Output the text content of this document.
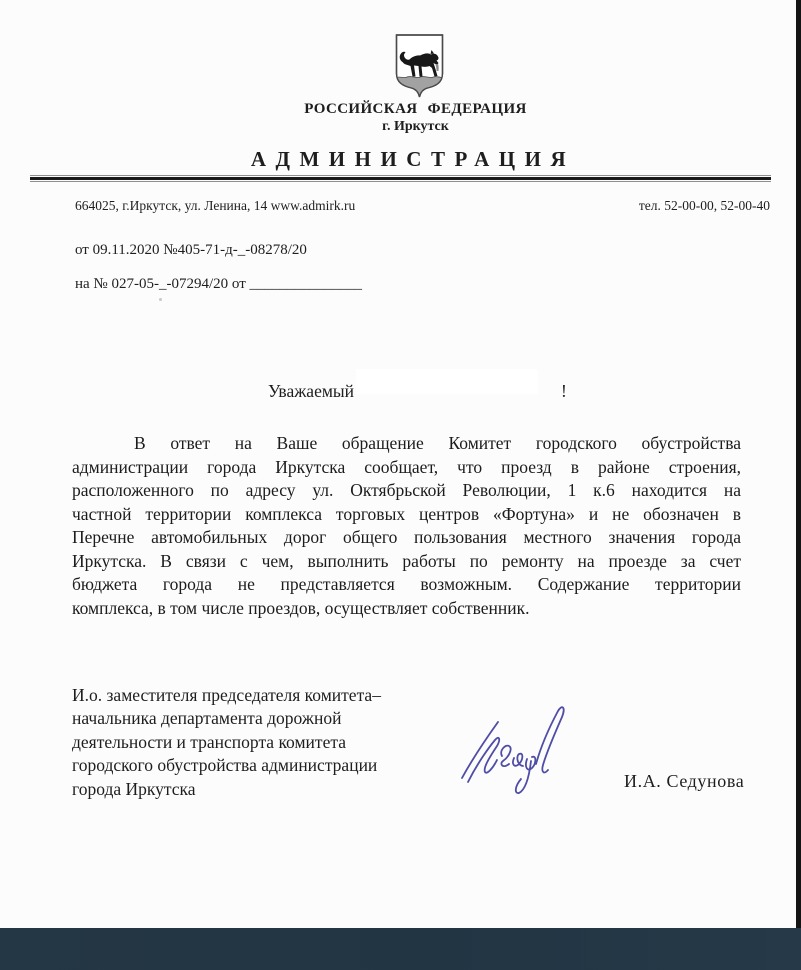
РОССИЙСКАЯ ФЕДЕРАЦИЯ
г. Иркутск
АДМИНИСТРАЦИЯ
664025, г.Иркутск, ул. Ленина, 14 www.admirk.ru	тел. 52-00-00, 52-00-40
от 09.11.2020 №405-71-д-_-08278/20
на № 027-05-_-07294/20 от _______________
Уважаемый	!
В ответ на Ваше обращение Комитет городского обустройства
администрации города Иркутска сообщает, что проезд в районе строения,
расположенного по адресу ул. Октябрьской Революции, 1 к.6 находится на
частной территории комплекса торговых центров «Фортуна» и не обозначен в
Перечне автомобильных дорог общего пользования местного значения города
Иркутска. В связи с чем, выполнить работы по ремонту на проезде за счет
бюджета города не представляется возможным. Содержание территории
комплекса, в том числе проездов, осуществляет собственник.
И.о. заместителя председателя комитета–
начальника департамента дорожной
деятельности и транспорта комитета
городского обустройства администрации
города Иркутска	И.А. Седунова
